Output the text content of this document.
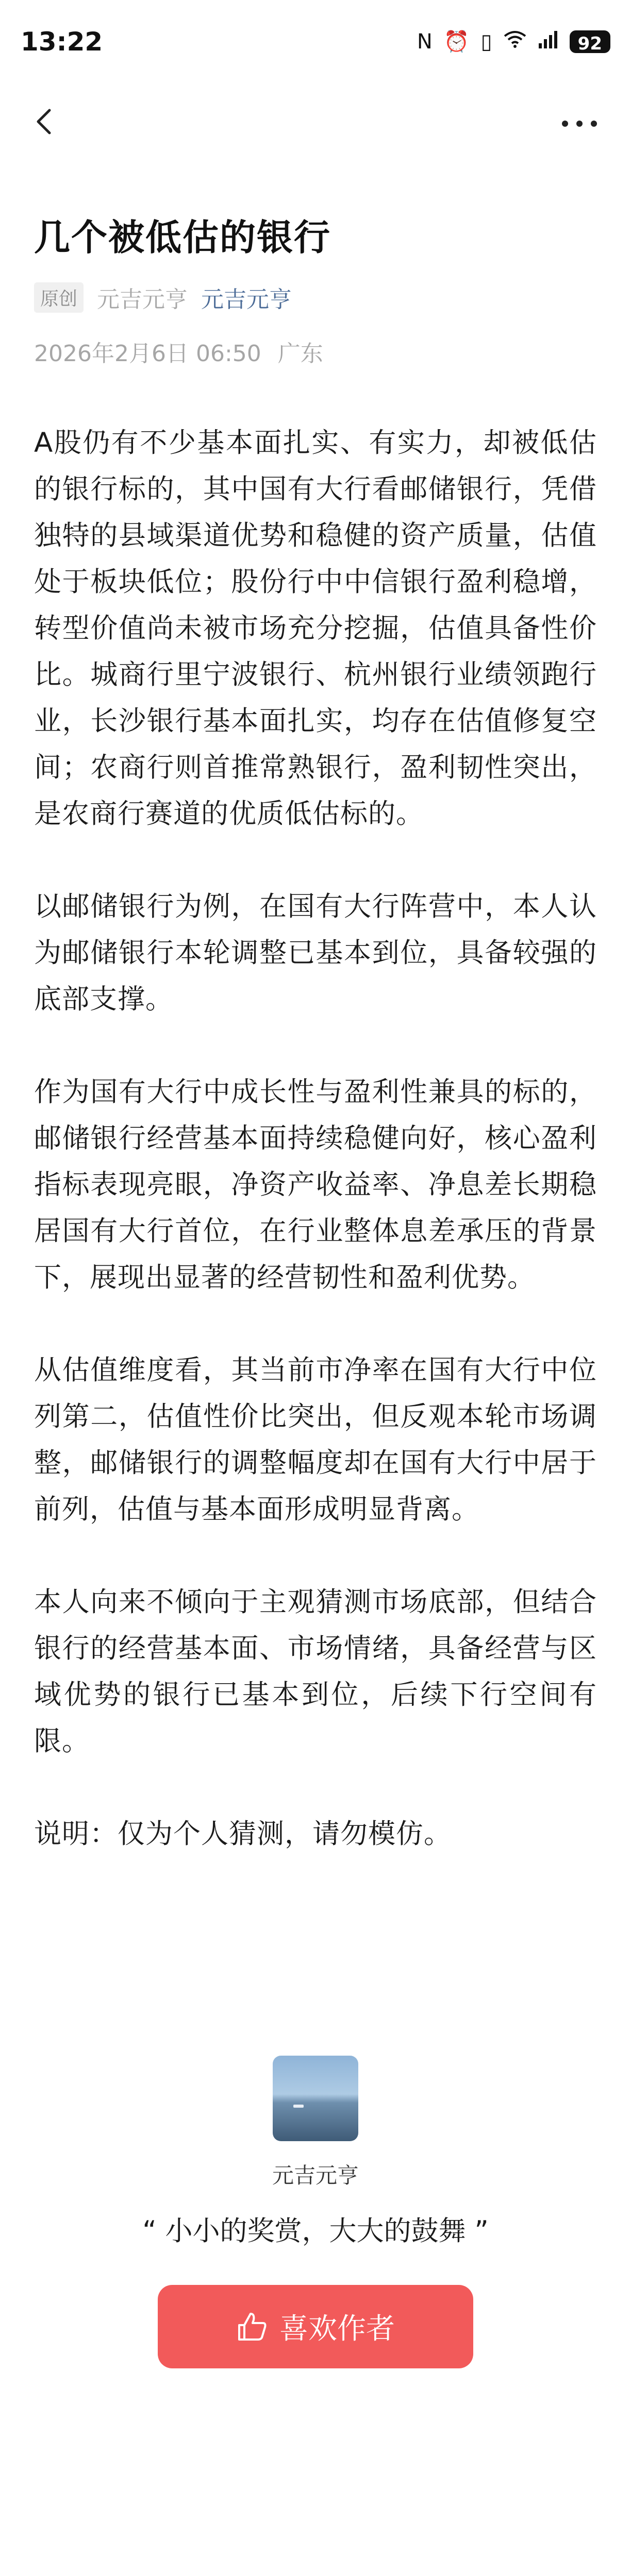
13:22	N ⏰ ▯	92
几个被低估的银行
原创 元吉元亨 元吉元亨
2026年2月6日 06:50 广东

A股仍有不少基本面扎实、有实力，却被低估的银行标的，其中国有大行看邮储银行，凭借独特的县域渠道优势和稳健的资产质量，估值处于板块低位；股份行中中信银行盈利稳增，转型价值尚未被市场充分挖掘，估值具备性价比。城商行里宁波银行、杭州银行业绩领跑行业，长沙银行基本面扎实，均存在估值修复空间；农商行则首推常熟银行，盈利韧性突出，是农商行赛道的优质低估标的。

以邮储银行为例，在国有大行阵营中，本人认为邮储银行本轮调整已基本到位，具备较强的底部支撑。

作为国有大行中成长性与盈利性兼具的标的，邮储银行经营基本面持续稳健向好，核心盈利指标表现亮眼，净资产收益率、净息差长期稳居国有大行首位，在行业整体息差承压的背景下，展现出显著的经营韧性和盈利优势。

从估值维度看，其当前市净率在国有大行中位列第二，估值性价比突出，但反观本轮市场调整，邮储银行的调整幅度却在国有大行中居于前列，估值与基本面形成明显背离。

本人向来不倾向于主观猜测市场底部，但结合银行的经营基本面、市场情绪，具备经营与区域优势的银行已基本到位，后续下行空间有限。

说明：仅为个人猜测，请勿模仿。

元吉元亨
“ 小小的奖赏，大大的鼓舞 ”
喜欢作者
